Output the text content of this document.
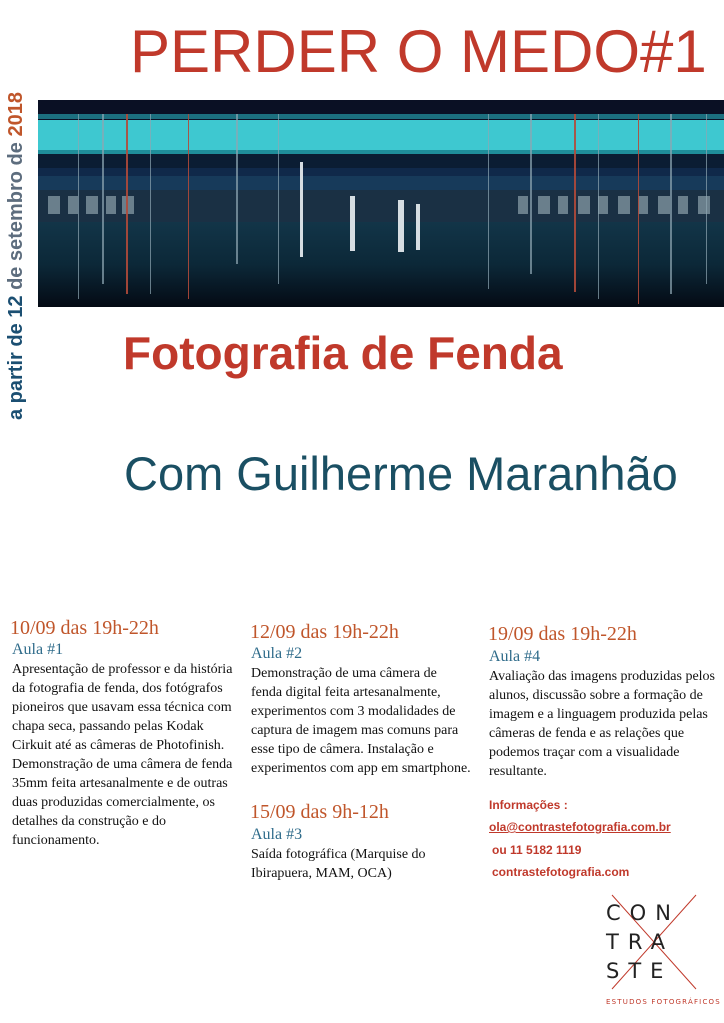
PERDER O MEDO#1
a partir de 12 de setembro de 2018
Fotografia de Fenda
Com Guilherme Maranhão
10/09 das 19h-22h
Aula #1

Apresentação de professor e da história da fotografia de fenda, dos fotógrafos pioneiros que usavam essa técnica com chapa seca, passando pelas Kodak Cirkuit até as câmeras de Photofinish. Demonstração de uma câmera de fenda 35mm feita artesanalmente e de outras duas produzidas comercialmente, os detalhes da construção e do funcionamento.

12/09 das 19h-22h
Aula #2

Demonstração de uma câmera de fenda digital feita artesanalmente, experimentos com 3 modalidades de captura de imagem mas comuns para esse tipo de câmera. Instalação e experimentos com app em smartphone.

15/09 das 9h-12h
Aula #3

Saída fotográfica (Marquise do Ibirapuera, MAM, OCA)

19/09 das 19h-22h
Aula #4

Avaliação das imagens produzidas pelos alunos, discussão sobre a formação de imagem e a linguagem produzida pelas câmeras de fenda e as relações que podemos traçar com a visualidade resultante.

Informações :
ola@contrastefotografia.com.br
ou 11 5182 1119
contrastefotografia.com
CON
TRA
STE
ESTUDOS FOTOGRÁFICOS
